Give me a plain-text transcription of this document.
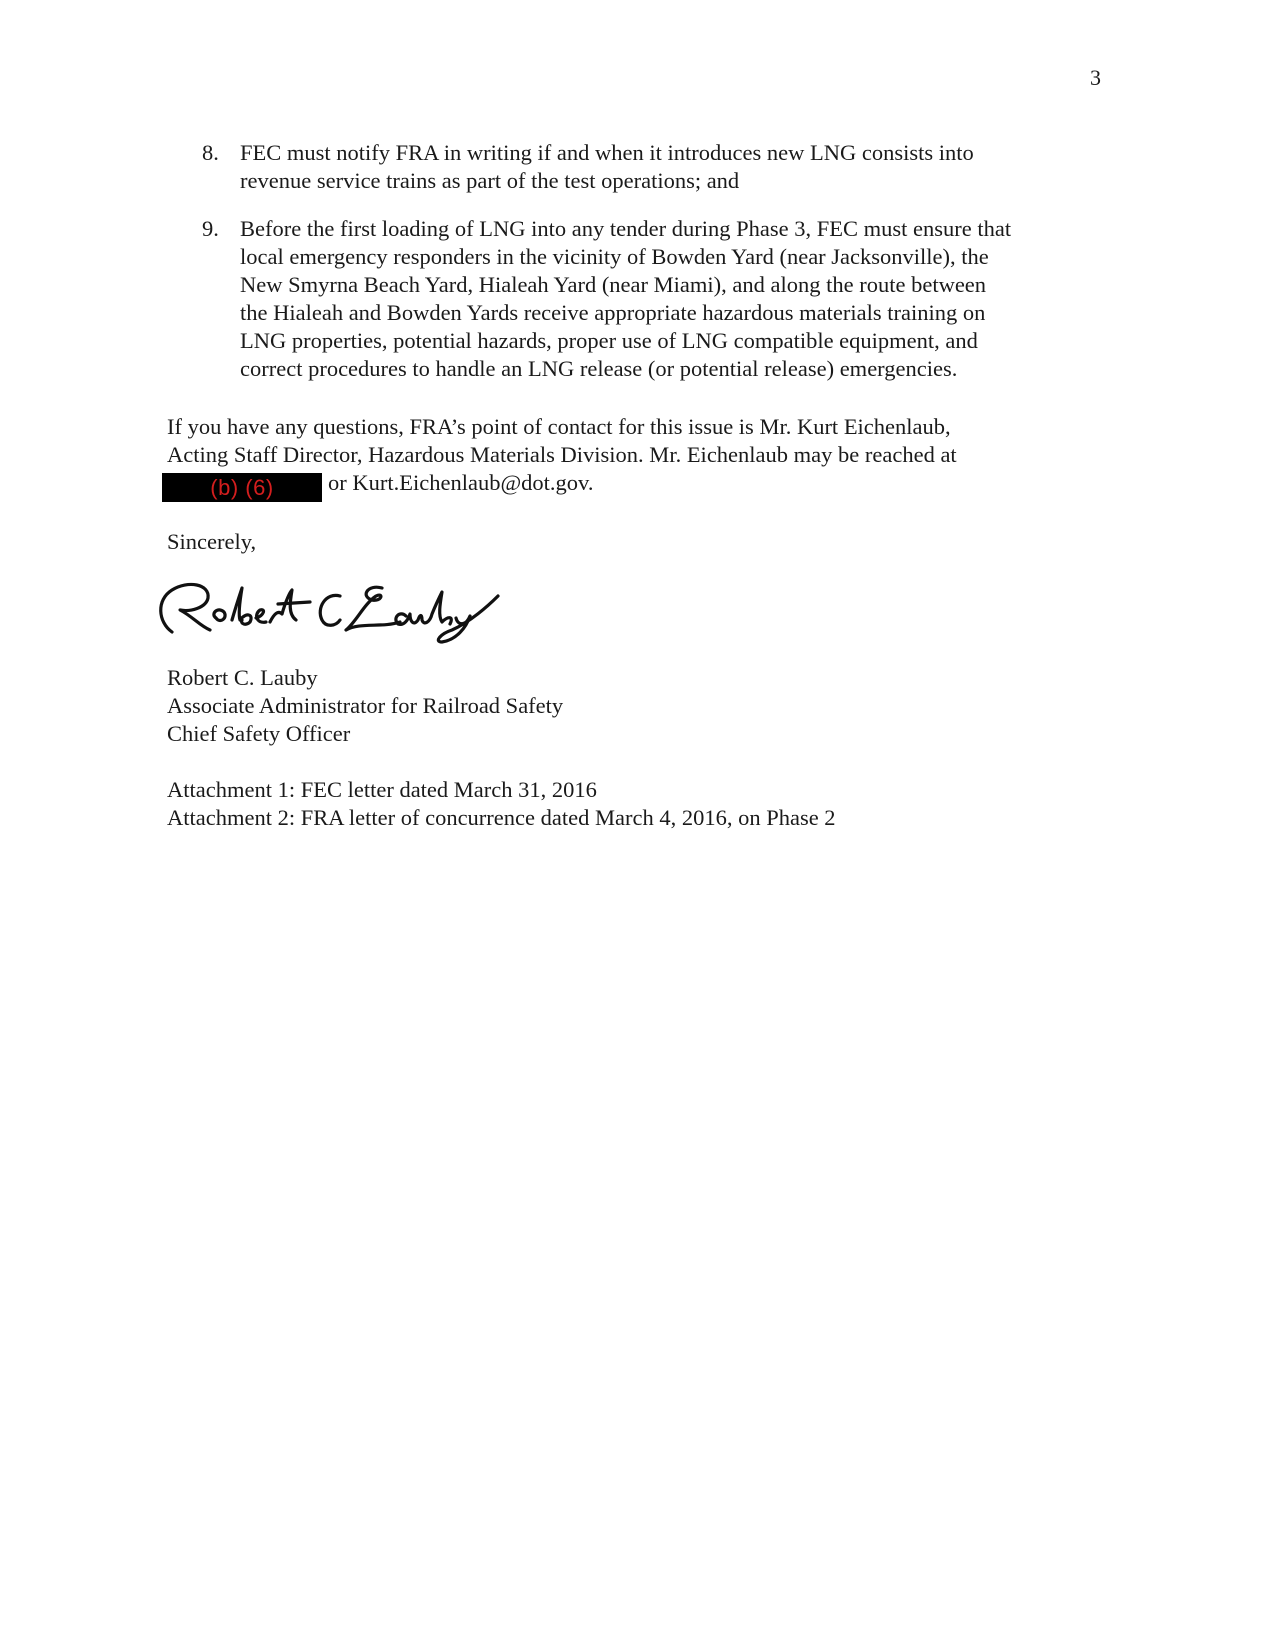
3
8. FEC must notify FRA in writing if and when it introduces new LNG consists into
revenue service trains as part of the test operations; and
9. Before the first loading of LNG into any tender during Phase 3, FEC must ensure that
local emergency responders in the vicinity of Bowden Yard (near Jacksonville), the
New Smyrna Beach Yard, Hialeah Yard (near Miami), and along the route between
the Hialeah and Bowden Yards receive appropriate hazardous materials training on
LNG properties, potential hazards, proper use of LNG compatible equipment, and
correct procedures to handle an LNG release (or potential release) emergencies.
If you have any questions, FRA’s point of contact for this issue is Mr. Kurt Eichenlaub,
Acting Staff Director, Hazardous Materials Division. Mr. Eichenlaub may be reached at
(b) (6) or Kurt.Eichenlaub@dot.gov.
Sincerely,
Robert C. Lauby
Associate Administrator for Railroad Safety
Chief Safety Officer
Attachment 1: FEC letter dated March 31, 2016
Attachment 2: FRA letter of concurrence dated March 4, 2016, on Phase 2
